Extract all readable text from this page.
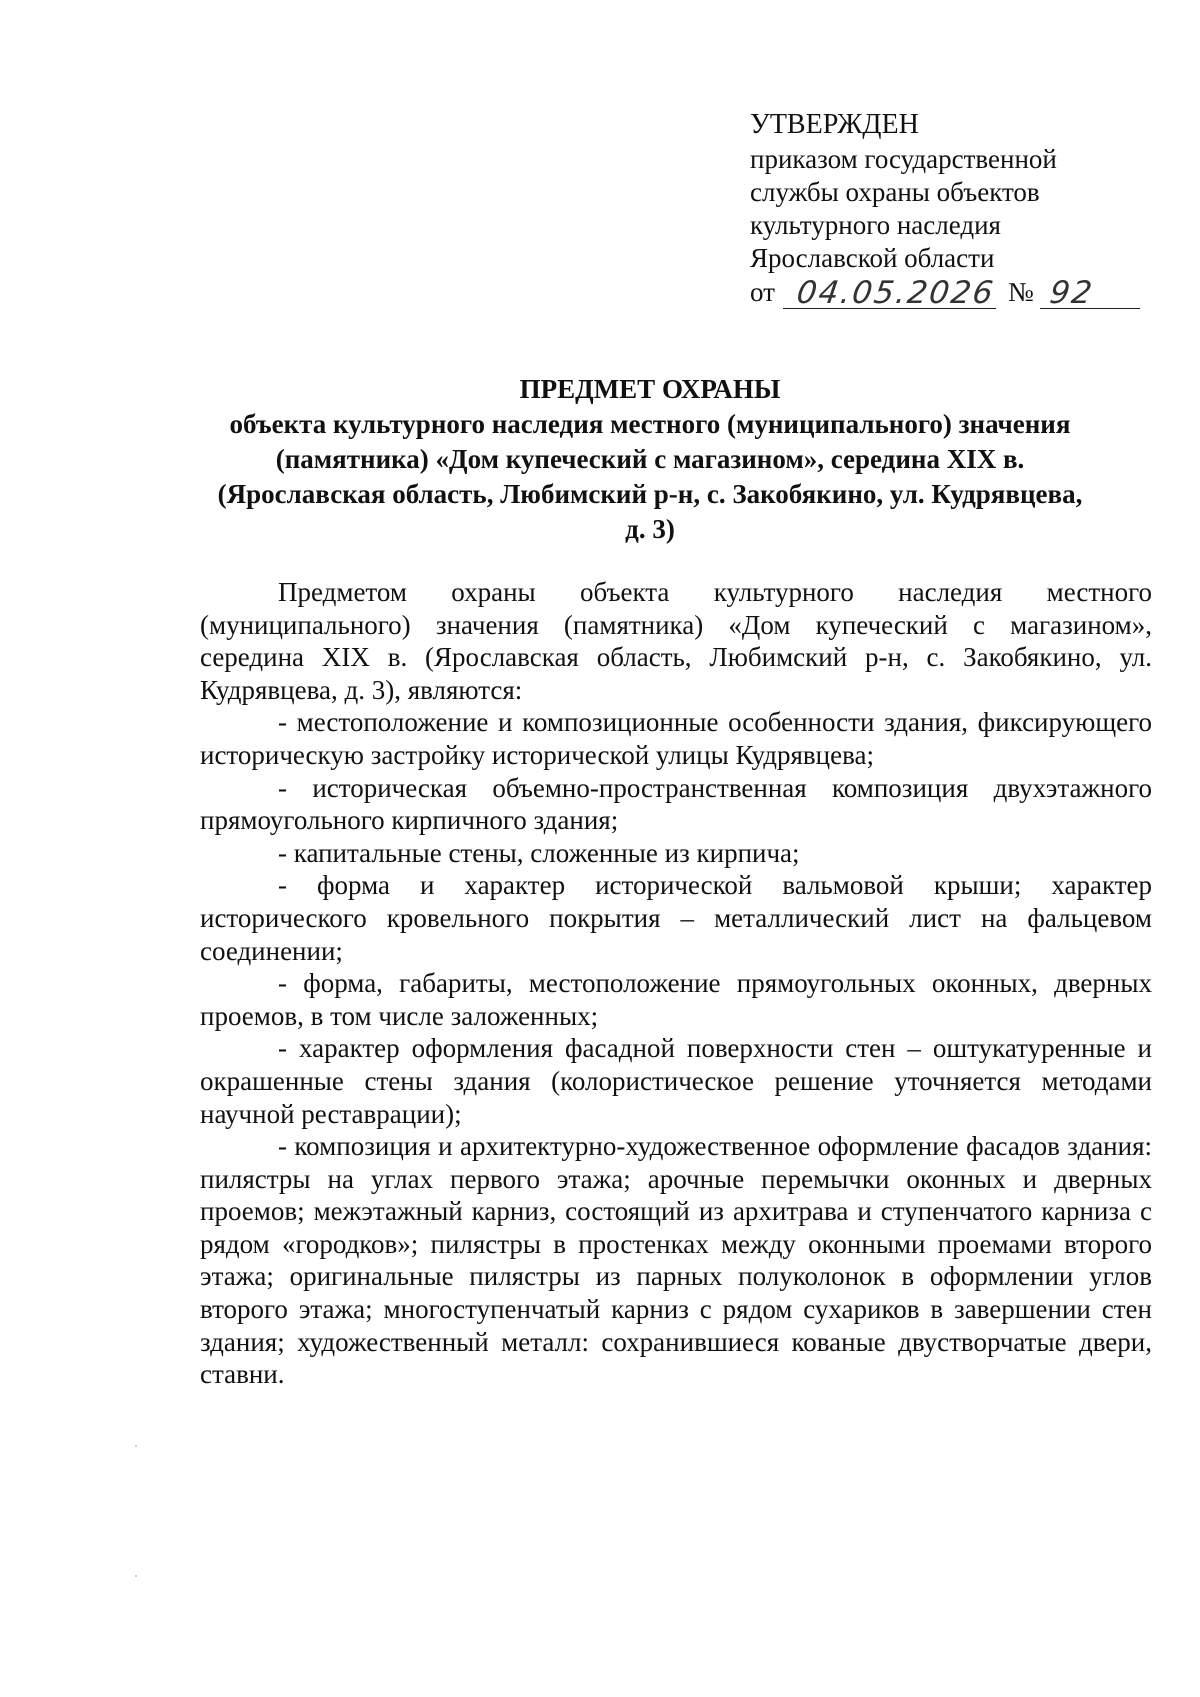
УТВЕРЖДЕН
приказом государственной
службы охраны объектов
культурного наследия
Ярославской области
от 04.05.2026 № 92
ПРЕДМЕТ ОХРАНЫ
объекта культурного наследия местного (муниципального) значения
(памятника) «Дом купеческий с магазином», середина XIX в.
(Ярославская область, Любимский р-н, с. Закобякино, ул. Кудрявцева,
д. 3)

Предметом охраны объекта культурного наследия местного (муниципального) значения (памятника) «Дом купеческий с магазином», середина XIX в. (Ярославская область, Любимский р-н, с. Закобякино, ул. Кудрявцева, д. 3), являются:

- местоположение и композиционные особенности здания, фиксирующего историческую застройку исторической улицы Кудрявцева;

- историческая объемно-пространственная композиция двухэтажного прямоугольного кирпичного здания;

- капитальные стены, сложенные из кирпича;

- форма и характер исторической вальмовой крыши; характер исторического кровельного покрытия – металлический лист на фальцевом соединении;

- форма, габариты, местоположение прямоугольных оконных, дверных проемов, в том числе заложенных;

- характер оформления фасадной поверхности стен – оштукатуренные и окрашенные стены здания (колористическое решение уточняется методами научной реставрации);

- композиция и архитектурно-художественное оформление фасадов здания: пилястры на углах первого этажа; арочные перемычки оконных и дверных проемов; межэтажный карниз, состоящий из архитрава и ступенчатого карниза с рядом «городков»; пилястры в простенках между оконными проемами второго этажа; оригинальные пилястры из парных полуколонок в оформлении углов второго этажа; многоступенчатый карниз с рядом сухариков в завершении стен здания; художественный металл: сохранившиеся кованые двустворчатые двери, ставни.
